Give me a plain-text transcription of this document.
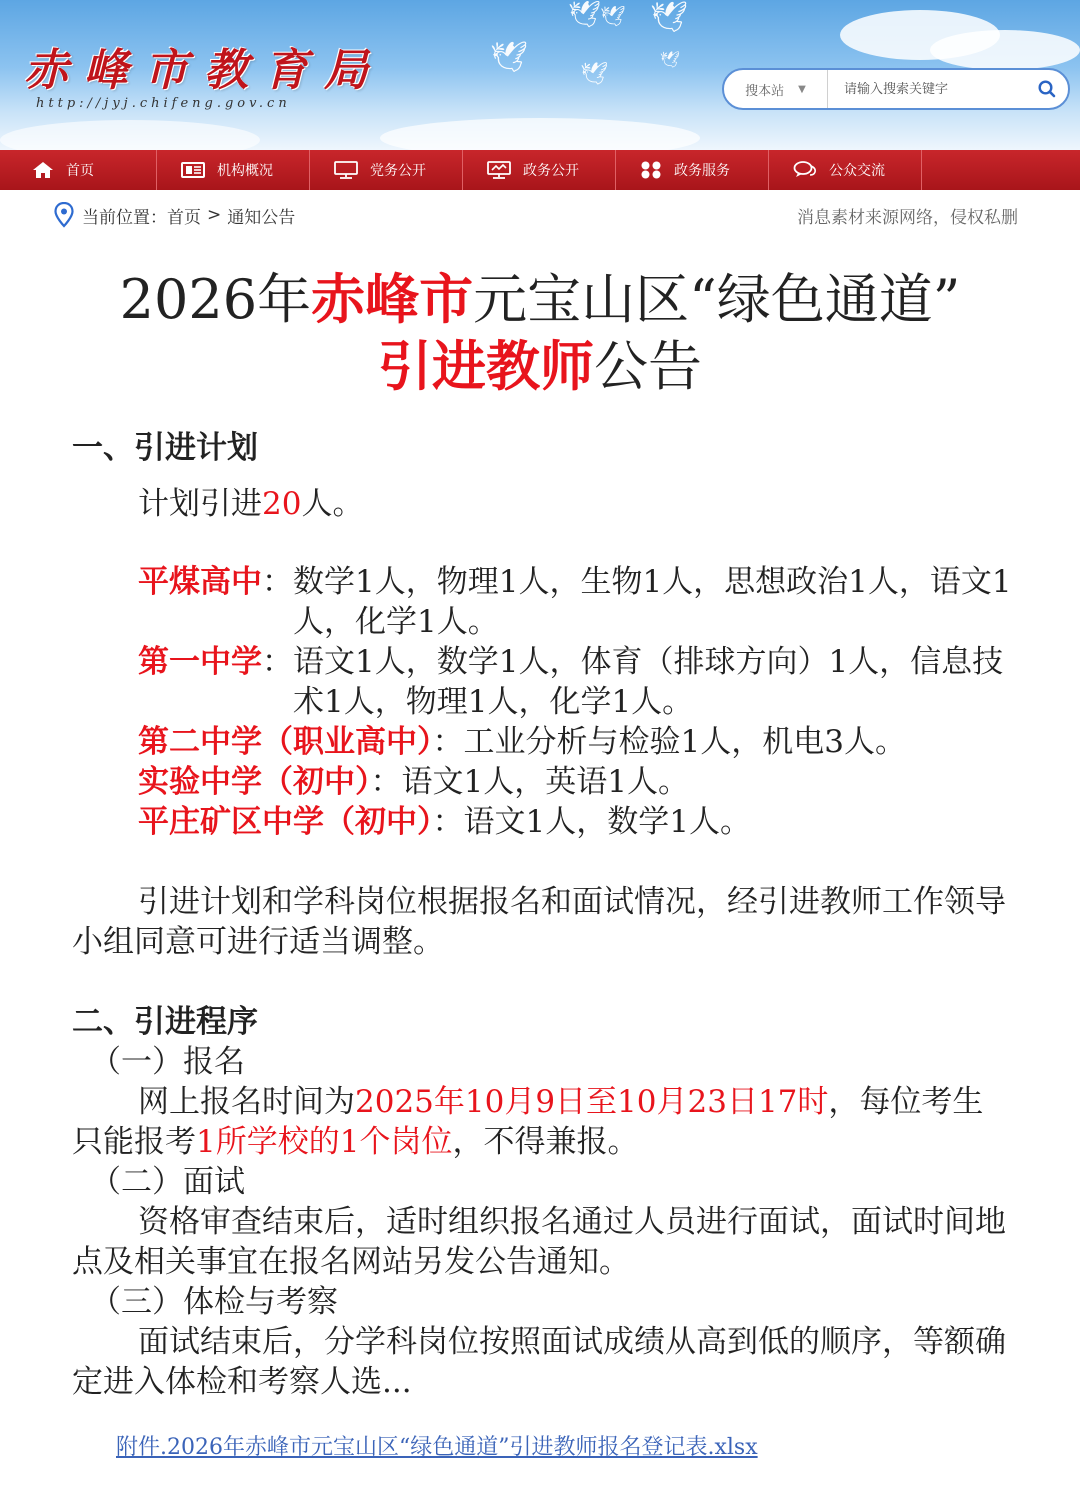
🕊
🕊 🕊
🕊 🕊
🕊
赤峰市教育局
http://jyj.chifeng.gov.cn
搜本站 ▼
请输入搜索关键字
首页	机构概况	党务公开	政务公开	政务服务	公众交流
当前位置： 首页 > 通知公告	消息素材来源网络，侵权私删
2026年赤峰市元宝山区“绿色通道”
引进教师公告
一、引进计划
计划引进20人。
平煤高中： 数学1人，物理1人，生物1人，思想政治1人，语文1人，化学1人。
第一中学： 语文1人，数学1人，体育（排球方向）1人，信息技术1人，物理1人，化学1人。
第二中学（职业高中）： 工业分析与检验1人，机电3人。
实验中学（初中）： 语文1人，英语1人。
平庄矿区中学（初中）： 语文1人，数学1人。
引进计划和学科岗位根据报名和面试情况，经引进教师工作领导小组同意可进行适当调整。
二、引进程序
（一）报名
网上报名时间为2025年10月9日至10月23日17时，每位考生只能报考1所学校的1个岗位，不得兼报。
（二）面试
资格审查结束后，适时组织报名通过人员进行面试，面试时间地点及相关事宜在报名网站另发公告通知。
（三）体检与考察
面试结束后，分学科岗位按照面试成绩从高到低的顺序，等额确定进入体检和考察人选...
附件.2026年赤峰市元宝山区“绿色通道”引进教师报名登记表.xlsx
